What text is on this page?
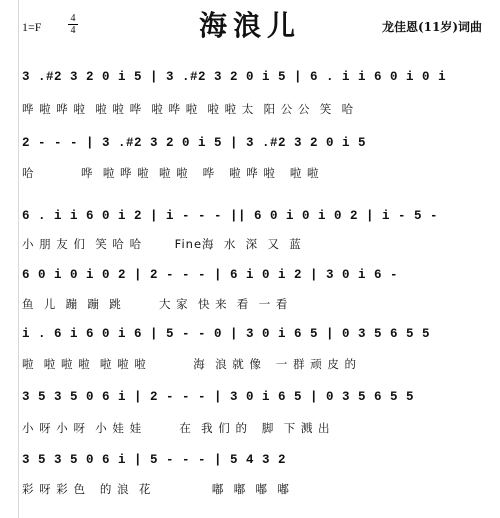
1=F
4
4	海浪儿	龙佳恩(11岁)词曲
3 .#2 3 2 0 i 5 | 3 .#2 3 2 0 i 5 | 6 . i i 6 0 i 0 i
哗 啦 哗 啦  啦 啦 哗  啦 哗 啦  啦 啦 太  阳 公 公  笑  哈
2 - - - | 3 .#2 3 2 0 i 5 | 3 .#2 3 2 0 i 5
哈          哗  啦 哗 啦  啦 啦   哗   啦 哗 啦   啦 啦
6 . i i 6 0 i 2 | i - - - || 6 0 i 0 i 0 2 | i - 5 -
小 朋 友 们  笑 哈 哈       Fine海  水  深  又  蓝
6 0 i 0 i 0 2 | 2 - - - | 6 i 0 i 2 | 3 0 i 6 -
鱼  儿  蹦  蹦  跳        大 家  快 来  看  一 看
i . 6 i 6 0 i 6 | 5 - - 0 | 3 0 i 6 5 | 0 3 5 6 5 5
啦  啦 啦 啦  啦 啦 啦          海  浪 就 像   一 群 顽 皮 的
3 5 3 5 0 6 i | 2 - - - | 3 0 i 6 5 | 0 3 5 6 5 5
小 呀 小 呀  小 娃 娃        在  我 们 的   脚  下 溅 出
3 5 3 5 0 6 i | 5 - - - | 5 4 3 2
彩 呀 彩 色   的 浪  花             嘟  嘟  嘟  嘟
